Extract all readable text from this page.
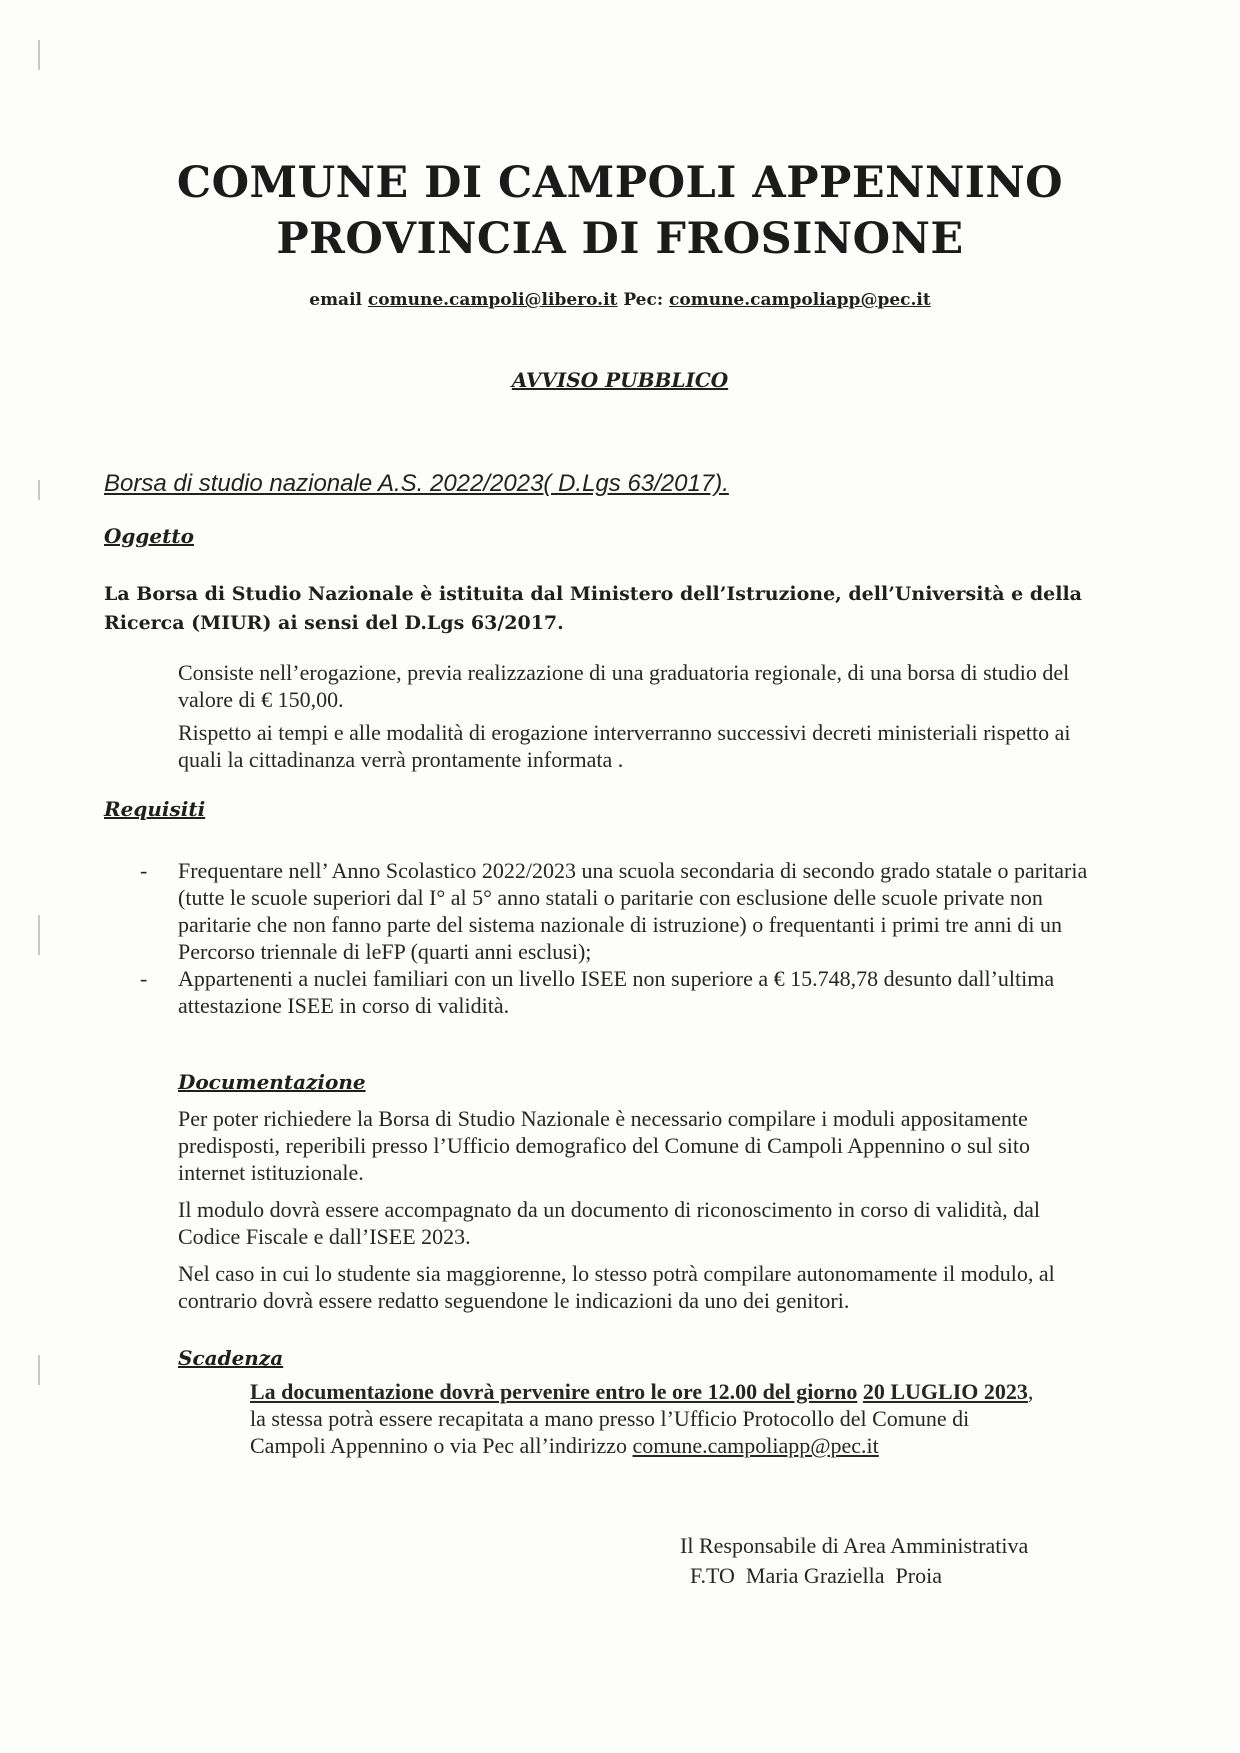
COMUNE DI CAMPOLI APPENNINO
PROVINCIA DI FROSINONE
email comune.campoli@libero.it Pec: comune.campoliapp@pec.it
AVVISO PUBBLICO
Borsa di studio nazionale A.S. 2022/2023( D.Lgs 63/2017).
Oggetto
La Borsa di Studio Nazionale è istituita dal Ministero dell’Istruzione, dell’Università e della Ricerca (MIUR) ai sensi del D.Lgs 63/2017.
Consiste nell’erogazione, previa realizzazione di una graduatoria regionale, di una borsa di studio del valore di € 150,00.
Rispetto ai tempi e alle modalità di erogazione interverranno successivi decreti ministeriali rispetto ai quali la cittadinanza verrà prontamente informata .
Requisiti
- Frequentare nell’ Anno Scolastico 2022/2023 una scuola secondaria di secondo grado statale o paritaria (tutte le scuole superiori dal I° al 5° anno statali o paritarie con esclusione delle scuole private non paritarie che non fanno parte del sistema nazionale di istruzione) o frequentanti i primi tre anni di un Percorso triennale di leFP (quarti anni esclusi);
- Appartenenti a nuclei familiari con un livello ISEE non superiore a € 15.748,78 desunto dall’ultima attestazione ISEE in corso di validità.
Documentazione
Per poter richiedere la Borsa di Studio Nazionale è necessario compilare i moduli appositamente predisposti, reperibili presso l’Ufficio demografico del Comune di Campoli Appennino o sul sito internet istituzionale.
Il modulo dovrà essere accompagnato da un documento di riconoscimento in corso di validità, dal Codice Fiscale e dall’ISEE 2023.
Nel caso in cui lo studente sia maggiorenne, lo stesso potrà compilare autonomamente il modulo, al contrario dovrà essere redatto seguendone le indicazioni da uno dei genitori.
Scadenza
La documentazione dovrà pervenire entro le ore 12.00 del giorno 20 LUGLIO 2023, la stessa potrà essere recapitata a mano presso l’Ufficio Protocollo del Comune di Campoli Appennino o via Pec all’indirizzo comune.campoliapp@pec.it
Il Responsabile di Area Amministrativa
F.TO  Maria Graziella  Proia
